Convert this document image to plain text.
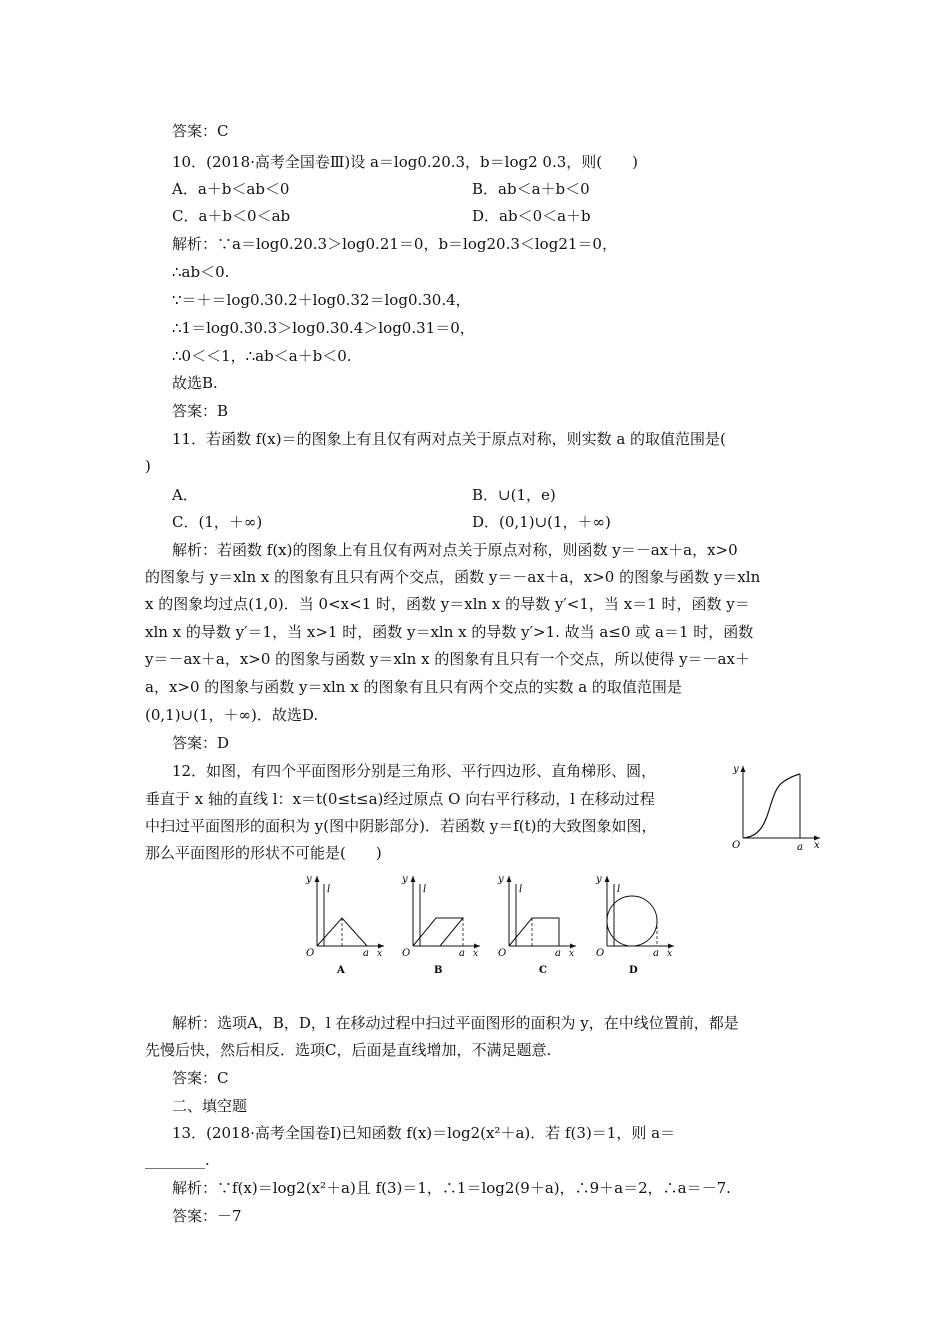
答案：C
10．(2018·高考全国卷Ⅲ)设 a＝log0.20.3，b＝log2 0.3，则(　　)
A．a＋b＜ab＜0	B．ab＜a＋b＜0
C．a＋b＜0＜ab	D．ab＜0＜a＋b
解析：∵a＝log0.20.3＞log0.21＝0，b＝log20.3＜log21＝0，
∴ab＜0.
∵＝＋＝log0.30.2＋log0.32＝log0.30.4，
∴1＝log0.30.3＞log0.30.4＞log0.31＝0，
∴0＜＜1，∴ab＜a＋b＜0.
故选B.
答案：B
11．若函数 f(x)＝的图象上有且仅有两对点关于原点对称，则实数 a 的取值范围是(
)
A．	B．∪(1，e)
C．(1，＋∞)	D．(0,1)∪(1，＋∞)
解析：若函数 f(x)的图象上有且仅有两对点关于原点对称，则函数 y＝－ax＋a，x>0
的图象与 y＝xln x 的图象有且只有两个交点，函数 y＝－ax＋a，x>0 的图象与函数 y＝xln
x 的图象均过点(1,0)．当 0<x<1 时，函数 y＝xln x 的导数 y′<1，当 x＝1 时，函数 y＝
xln x 的导数 y′＝1，当 x>1 时，函数 y＝xln x 的导数 y′>1. 故当 a≤0 或 a＝1 时，函数
y＝－ax＋a，x>0 的图象与函数 y＝xln x 的图象有且只有一个交点，所以使得 y＝－ax＋
a，x>0 的图象与函数 y＝xln x 的图象有且只有两个交点的实数 a 的取值范围是
(0,1)∪(1，＋∞)．故选D.
答案：D
12．如图，有四个平面图形分别是三角形、平行四边形、直角梯形、圆，
垂直于 x 轴的直线 l：x＝t(0≤t≤a)经过原点 O 向右平行移动，l 在移动过程
中扫过平面图形的面积为 y(图中阴影部分)．若函数 y＝f(t)的大致图象如图，
那么平面图形的形状不可能是(　　)
y
O	a x
y
l
O	a x
A
y
l
O	a x
B
y
l
O	a x
C
y
l
O	a x
D
解析：选项A，B，D，l 在移动过程中扫过平面图形的面积为 y，在中线位置前，都是
先慢后快，然后相反．选项C，后面是直线增加，不满足题意.
答案：C
二、填空题
13．(2018·高考全国卷Ⅰ)已知函数 f(x)＝log2(x²＋a)．若 f(3)＝1，则 a＝
________.
解析：∵f(x)＝log2(x²＋a)且 f(3)＝1，∴1＝log2(9＋a)，∴9＋a＝2，∴a＝－7.
答案：－7
